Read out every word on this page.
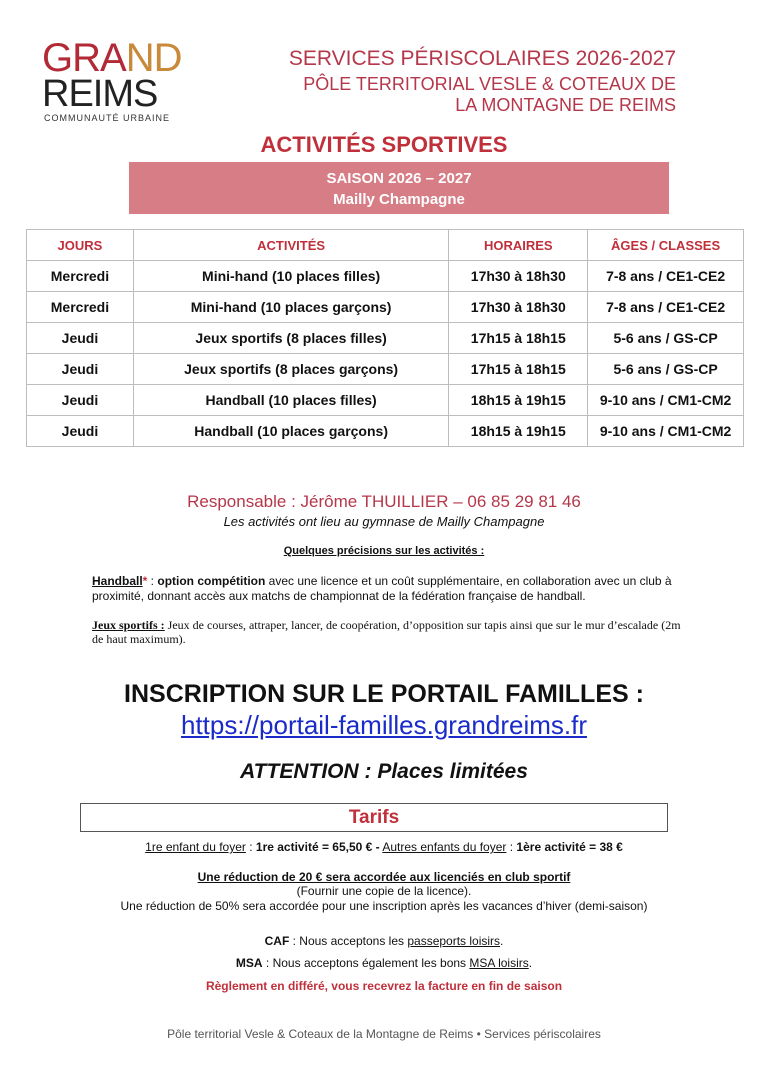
GRAND
REIMS
COMMUNAUTÉ URBAINE
SERVICES PÉRISCOLAIRES 2026-2027
PÔLE TERRITORIAL VESLE & COTEAUX DE
LA MONTAGNE DE REIMS
ACTIVITÉS SPORTIVES
SAISON 2026 – 2027
Mailly Champagne
JOURS	ACTIVITÉS	HORAIRES	ÂGES / CLASSES
Mercredi	Mini-hand (10 places filles)	17h30 à 18h30	7-8 ans / CE1-CE2
Mercredi	Mini-hand (10 places garçons)	17h30 à 18h30	7-8 ans / CE1-CE2
Jeudi	Jeux sportifs (8 places filles)	17h15 à 18h15	5-6 ans / GS-CP
Jeudi	Jeux sportifs (8 places garçons)	17h15 à 18h15	5-6 ans / GS-CP
Jeudi	Handball (10 places filles)	18h15 à 19h15	9-10 ans / CM1-CM2
Jeudi	Handball (10 places garçons)	18h15 à 19h15	9-10 ans / CM1-CM2
Responsable : Jérôme THUILLIER – 06 85 29 81 46
Les activités ont lieu au gymnase de Mailly Champagne
Quelques précisions sur les activités :
Handball* : option compétition avec une licence et un coût supplémentaire, en collaboration avec un club à proximité, donnant accès aux matchs de championnat de la fédération française de handball.
Jeux sportifs : Jeux de courses, attraper, lancer, de coopération, d’opposition sur tapis ainsi que sur le mur d’escalade (2m de haut maximum).
INSCRIPTION SUR LE PORTAIL FAMILLES :
https://portail-familles.grandreims.fr
ATTENTION : Places limitées
Tarifs
1re enfant du foyer : 1re activité = 65,50 € - Autres enfants du foyer : 1ère activité = 38 €
Une réduction de 20 € sera accordée aux licenciés en club sportif
(Fournir une copie de la licence).
Une réduction de 50% sera accordée pour une inscription après les vacances d’hiver (demi-saison)
CAF : Nous acceptons les passeports loisirs.
MSA : Nous acceptons également les bons MSA loisirs.
Règlement en différé, vous recevrez la facture en fin de saison
Pôle territorial Vesle & Coteaux de la Montagne de Reims • Services périscolaires
